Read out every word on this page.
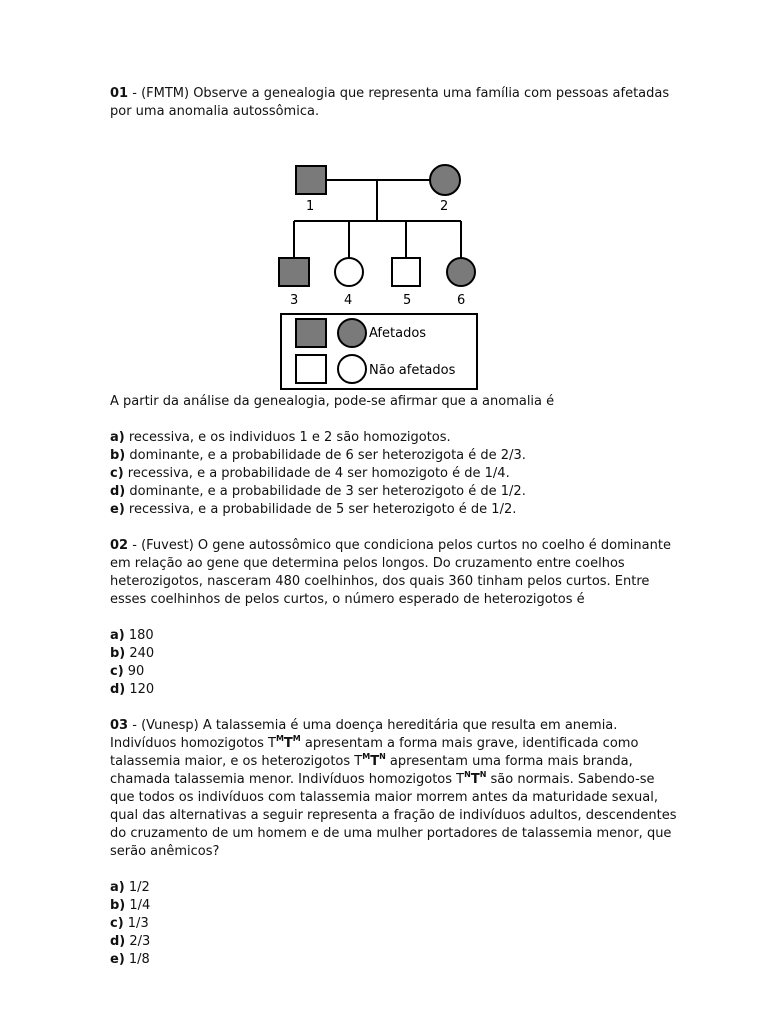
01 - (FMTM) Observe a genealogia que representa uma família com pessoas afetadas
por uma anomalia autossômica.
1	2
3	4	5	6
Afetados
Não afetados
A partir da análise da genealogia, pode-se afirmar que a anomalia é
a) recessiva, e os individuos 1 e 2 são homozigotos.
b) dominante, e a probabilidade de 6 ser heterozigota é de 2/3.
c) recessiva, e a probabilidade de 4 ser homozigoto é de 1/4.
d) dominante, e a probabilidade de 3 ser heterozigoto é de 1/2.
e) recessiva, e a probabilidade de 5 ser heterozigoto é de 1/2.
02 - (Fuvest) O gene autossômico que condiciona pelos curtos no coelho é dominante
em relação ao gene que determina pelos longos. Do cruzamento entre coelhos
heterozigotos, nasceram 480 coelhinhos, dos quais 360 tinham pelos curtos. Entre
esses coelhinhos de pelos curtos, o número esperado de heterozigotos é
a) 180
b) 240
c) 90
d) 120
03 - (Vunesp) A talassemia é uma doença hereditária que resulta em anemia.
Indivíduos homozigotos $T^MT^M$ apresentam a forma mais grave, identificada como
talassemia maior, e os heterozigotos $T^MT^N$ apresentam uma forma mais branda,
chamada talassemia menor. Indivíduos homozigotos $T^NT^N$ são normais. Sabendo-se
que todos os indivíduos com talassemia maior morrem antes da maturidade sexual,
qual das alternativas a seguir representa a fração de indivíduos adultos, descendentes
do cruzamento de um homem e de uma mulher portadores de talassemia menor, que
serão anêmicos?
a) 1/2
b) 1/4
c) 1/3
d) 2/3
e) 1/8
